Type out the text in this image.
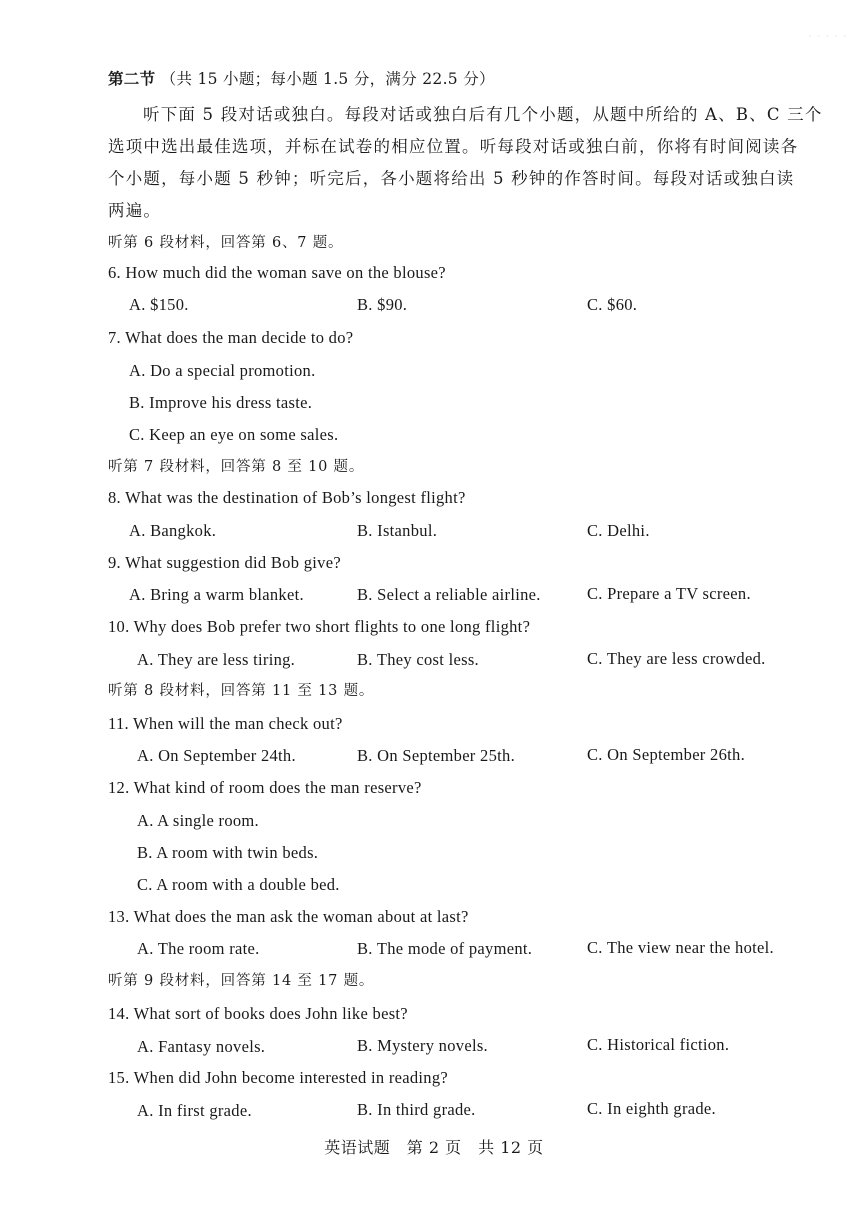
· · · · ·
第二节 （共 15 小题；每小题 1.5 分，满分 22.5 分）
听下面 5 段对话或独白。每段对话或独白后有几个小题，从题中所给的 A、B、C 三个
选项中选出最佳选项，并标在试卷的相应位置。听每段对话或独白前，你将有时间阅读各
个小题，每小题 5 秒钟；听完后，各小题将给出 5 秒钟的作答时间。每段对话或独白读
两遍。
听第 6 段材料，回答第 6、7 题。
6. How much did the woman save on the blouse?
A. $150.	B. $90.	C. $60.
7. What does the man decide to do?
A. Do a special promotion.
B. Improve his dress taste.
C. Keep an eye on some sales.
听第 7 段材料，回答第 8 至 10 题。
8. What was the destination of Bob’s longest flight?
A. Bangkok.	B. Istanbul.	C. Delhi.
9. What suggestion did Bob give?
A. Bring a warm blanket.	B. Select a reliable airline.	C. Prepare a TV screen.
10. Why does Bob prefer two short flights to one long flight?
A. They are less tiring.	B. They cost less.	C. They are less crowded.
听第 8 段材料，回答第 11 至 13 题。
11. When will the man check out?
A. On September 24th.	B. On September 25th.	C. On September 26th.
12. What kind of room does the man reserve?
A. A single room.
B. A room with twin beds.
C. A room with a double bed.
13. What does the man ask the woman about at last?
A. The room rate.	B. The mode of payment.	C. The view near the hotel.
听第 9 段材料，回答第 14 至 17 题。
14. What sort of books does John like best?
A. Fantasy novels.	B. Mystery novels.	C. Historical fiction.
15. When did John become interested in reading?
A. In first grade.	B. In third grade.	C. In eighth grade.
英语试题　第 2 页　共 12 页
